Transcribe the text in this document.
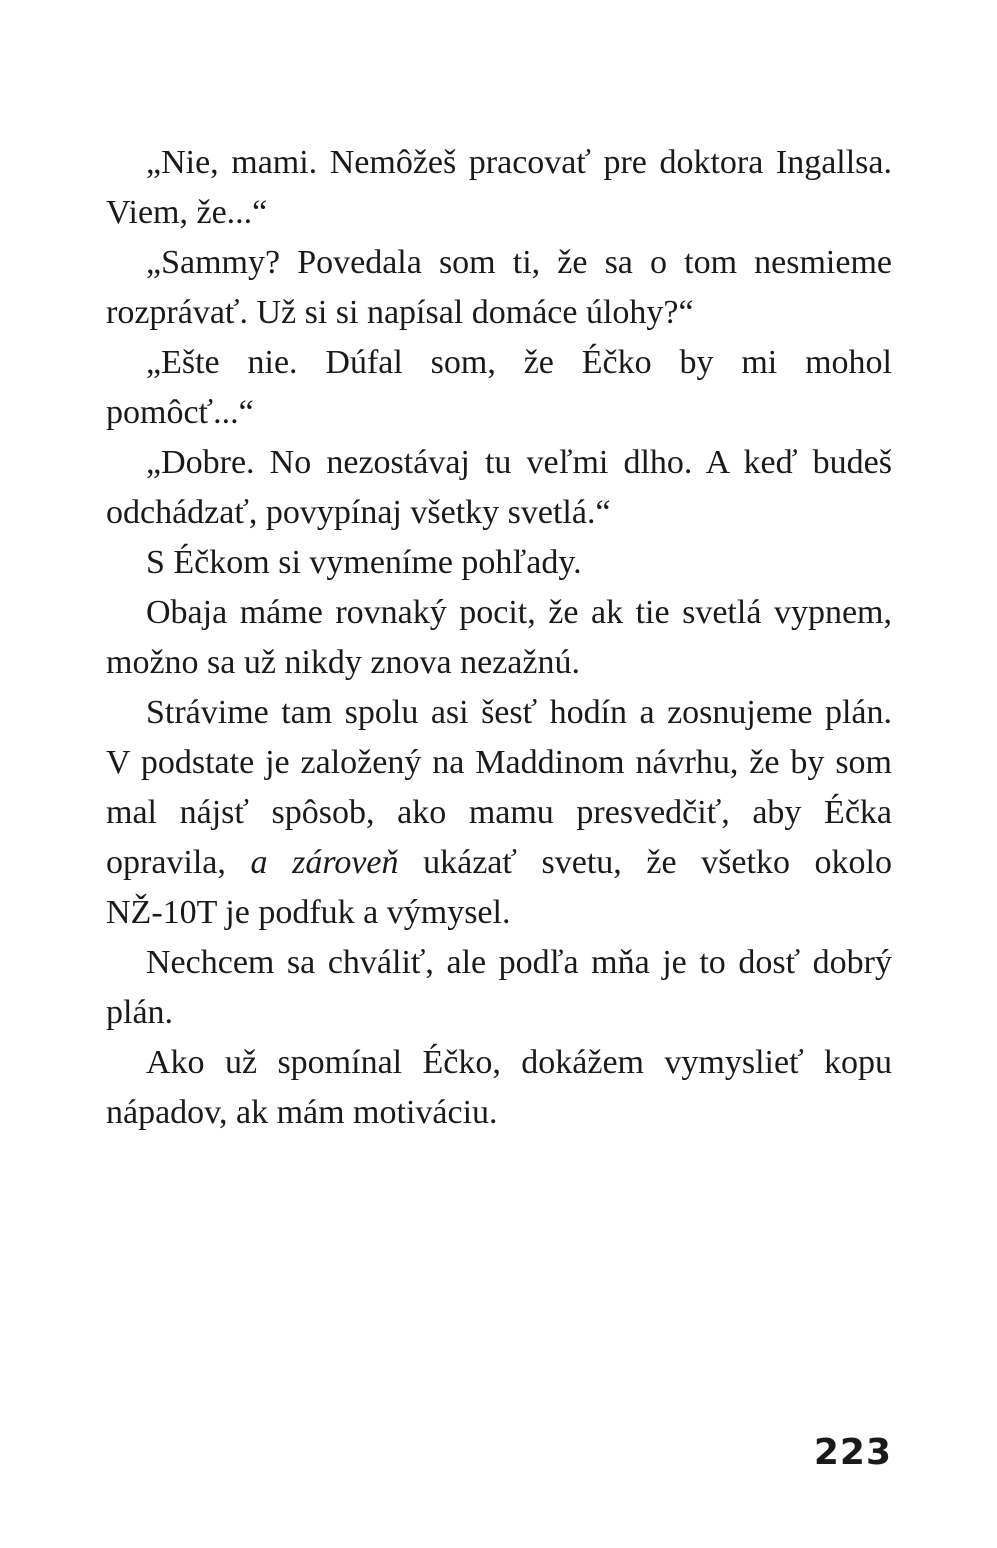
„Nie, mami. Nemôžeš pracovať pre doktora Ingallsa. Viem, že...“

„Sammy? Povedala som ti, že sa o tom nesmieme rozprávať. Už si si napísal domáce úlohy?“

„Ešte nie. Dúfal som, že Éčko by mi mohol pomôcť...“

„Dobre. No nezostávaj tu veľmi dlho. A keď budeš odchádzať, povypínaj všetky svetlá.“

S Éčkom si vymeníme pohľady.

Obaja máme rovnaký pocit, že ak tie svetlá vypnem, možno sa už nikdy znova nezažnú.

Strávime tam spolu asi šesť hodín a zosnujeme plán. V podstate je založený na Maddinom návrhu, že by som mal nájsť spôsob, ako mamu presvedčiť, aby Éčka opravila, a zároveň ukázať svetu, že všetko okolo NŽ-10T je podfuk a výmysel.

Nechcem sa chváliť, ale podľa mňa je to dosť dobrý plán.

Ako už spomínal Éčko, dokážem vymyslieť kopu nápadov, ak mám motiváciu.

223
